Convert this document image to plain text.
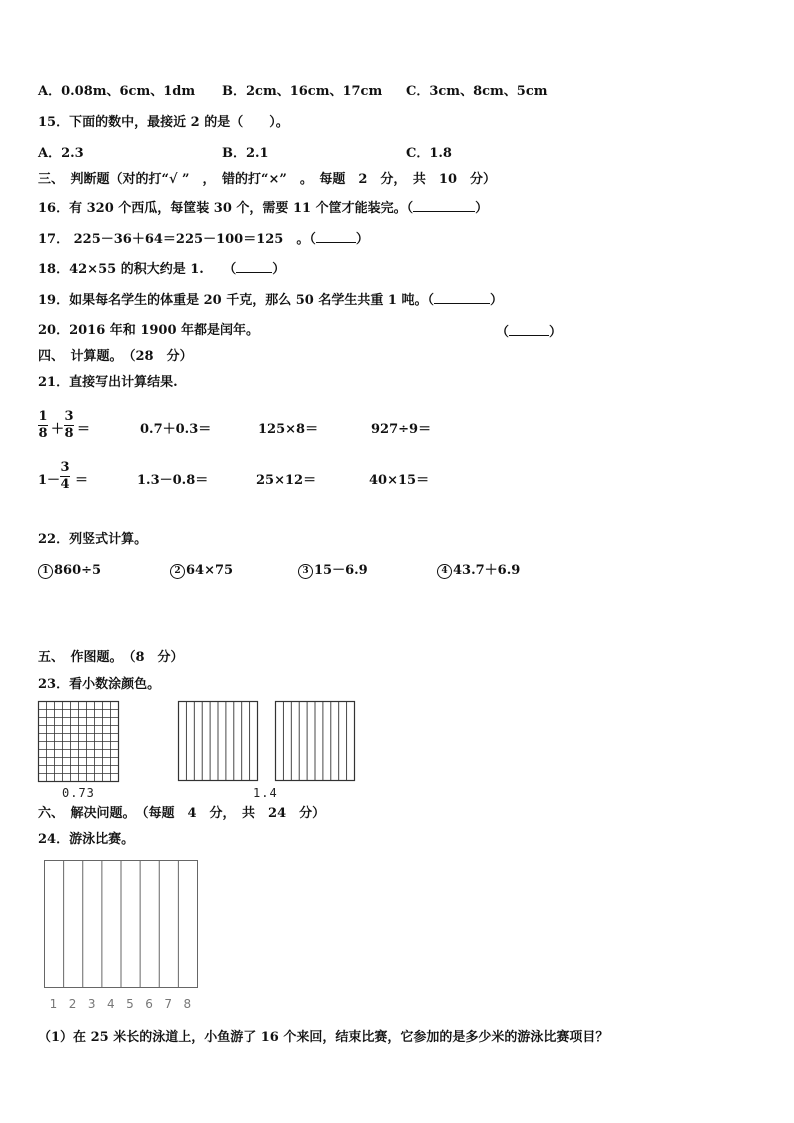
A．0.08m、6cm、1dm B．2cm、16cm、17cm C．3cm、8cm、5cm
15．下面的数中，最接近 2 的是（　　）。
A．2.3	B．2.1	C．1.8
三、　判断题（对的打“√ ”　，　错的打“×”　。　每题　2　分，　共　10　分）
16．有 320 个西瓜，每筐装 30 个，需要 11 个筐才能装完。（	）
17． 225－36＋64＝225－100＝125　。（	）
18．42×55 的积大约是 1.　　（	）
19．如果每名学生的体重是 20 千克，那么 50 名学生共重 1 吨。（	）
20．2016 年和 1900 年都是闰年。	（	）
四、　计算题。　（28　分）
21．直接写出计算结果.
1
8 ＋
3
8 ＝	0.7＋0.3＝	125×8＝	927÷9＝
1－
3
4 ＝	1.3－0.8＝	25×12＝	40×15＝
22．列竖式计算。
1 860÷5	2 64×75	3 15－6.9	4 43.7＋6.9
五、　作图题。　（8　分）
23．看小数涂颜色。
0.73	1.4
六、　解决问题。　（每题　4　分，　共　24　分）
24．游泳比赛。
1 2 3 4 5 6 7 8
（1）在 25 米长的泳道上，小鱼游了 16 个来回，结束比赛，它参加的是多少米的游泳比赛项目？
